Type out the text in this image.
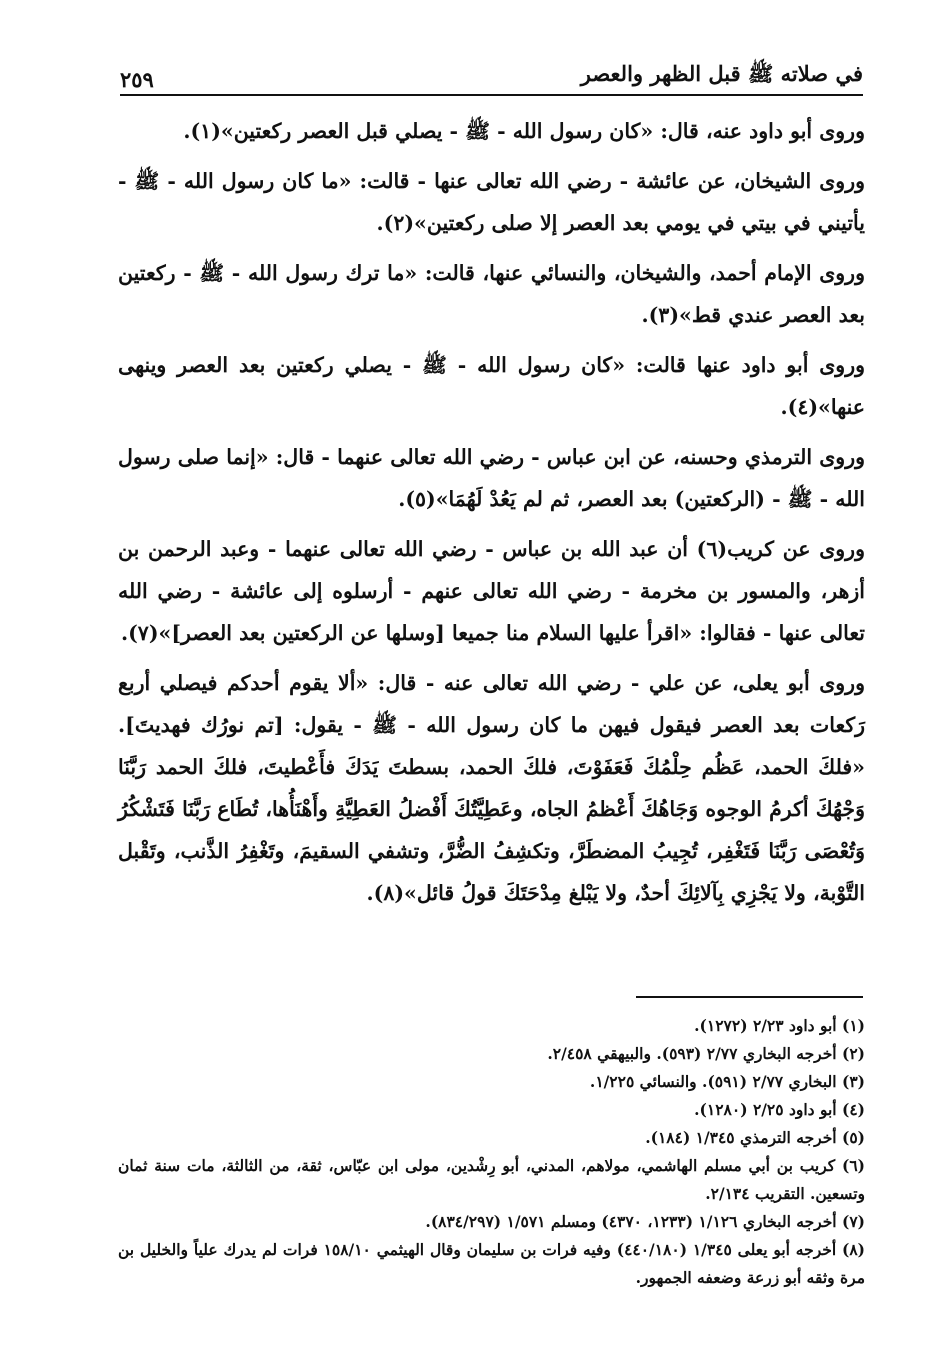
في صلاته ﷺ قبل الظهر والعصر
٢٥٩

وروى أبو داود عنه، قال: «كان رسول الله - ﷺ - يصلي قبل العصر ركعتين»(١).

وروى الشيخان، عن عائشة - رضي الله تعالى عنها - قالت: «ما كان رسول الله - ﷺ - يأتيني في بيتي في يومي بعد العصر إلا صلى ركعتين»(٢).

وروى الإمام أحمد، والشيخان، والنسائي عنها، قالت: «ما ترك رسول الله - ﷺ - ركعتين بعد العصر عندي قط»(٣).

وروى أبو داود عنها قالت: «كان رسول الله - ﷺ - يصلي ركعتين بعد العصر وينهى عنها»(٤).

وروى الترمذي وحسنه، عن ابن عباس - رضي الله تعالى عنهما - قال: «إنما صلى رسول الله - ﷺ - (الركعتين) بعد العصر، ثم لم يَعُدْ لَهُمَا»(٥).

وروى عن كريب(٦) أن عبد الله بن عباس - رضي الله تعالى عنهما - وعبد الرحمن بن أزهر، والمسور بن مخرمة - رضي الله تعالى عنهم - أرسلوه إلى عائشة - رضي الله تعالى عنها - فقالوا: «اقرأ عليها السلام منا جميعا [وسلها عن الركعتين بعد العصر]»(٧).

وروى أبو يعلى، عن علي - رضي الله تعالى عنه - قال: «ألا يقوم أحدكم فيصلي أربع رَكعات بعد العصر فيقول فيهن ما كان رسول الله - ﷺ - يقول: [تم نورُك فهديتَ]. «فلكَ الحمد، عَظُم حِلْمُكَ فَعَفَوْتَ، فلكَ الحمد، بسطتَ يَدَكَ فأَعْطيتَ، فلكَ الحمد رَبَّنَا وَجْهُكَ أكرمُ الوجوه وَجَاهُكَ أَعْظمُ الجاه، وعَطِيَّتُكَ أَفْضلُ العَطِيَّةِ وأَهْنَأُها، تُطَاع رَبَّنَا فَتَشْكُرُ وَتُعْصَى رَبَّنَا فَتَغْفِر، تُجِيبُ المضطَرَّ، وتكشِفُ الضُّرَّ، وتشفي السقيمَ، وتَغْفِرُ الذَّنب، وتَقْبل التَّوْبة، ولا يَجْزِي بِآلائِكَ أحدٌ، ولا يَبْلغ مِدْحَتَكَ قولُ قائل»(٨).

(١) أبو داود ٢/٢٣ (١٢٧٢).

(٢) أخرجه البخاري ٢/٧٧ (٥٩٣). والبيهقي ٢/٤٥٨.

(٣) البخاري ٢/٧٧ (٥٩١). والنسائي ١/٢٢٥.

(٤) أبو داود ٢/٢٥ (١٢٨٠).

(٥) أخرجه الترمذي ١/٣٤٥ (١٨٤).

(٦) كريب بن أبي مسلم الهاشمي، مولاهم، المدني، أبو رِشْدين، مولى ابن عبّاس، ثقة، من الثالثة، مات سنة ثمان وتسعين. التقريب ٢/١٣٤.

(٧) أخرجه البخاري ١/١٢٦ (١٢٣٣، ٤٣٧٠) ومسلم ١/٥٧١ (٨٣٤/٢٩٧).

(٨) أخرجه أبو يعلى ١/٣٤٥ (٤٤٠/١٨٠) وفيه فرات بن سليمان وقال الهيثمي ١٥٨/١٠ فرات لم يدرك علياً والخليل بن مرة وثقه أبو زرعة وضعفه الجمهور.
